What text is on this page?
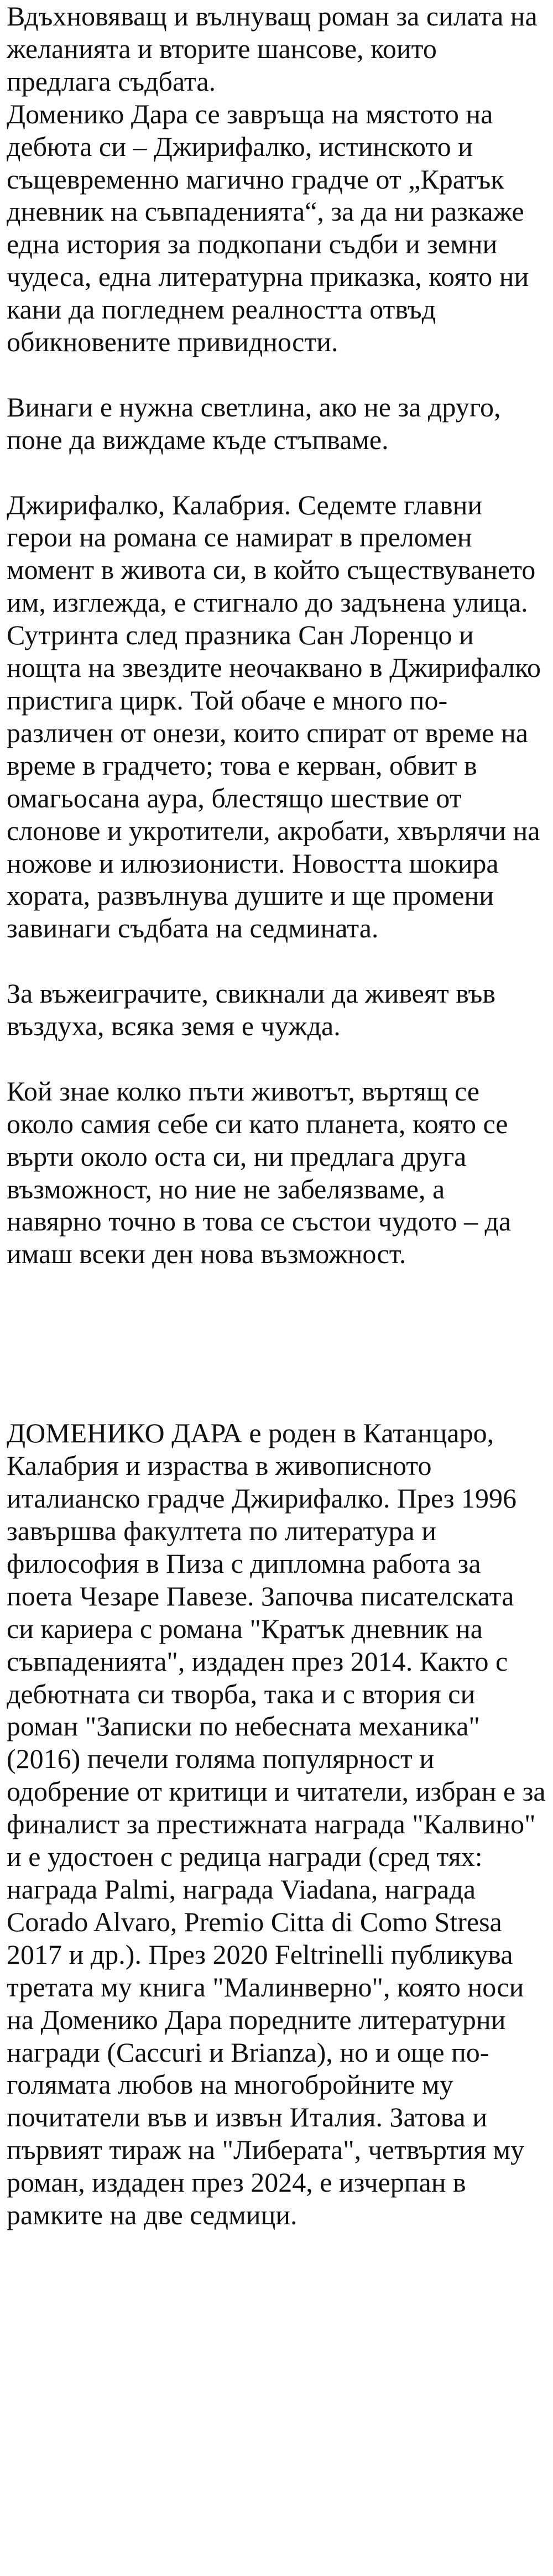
Вдъхновяващ и вълнуващ роман за силата на желанията и вторите шансове, които предлага съдбата.

Доменико Дара се завръща на мястото на дебюта си – Джирифалко, истинското и същевременно магично градче от „Кратък дневник на съвпаденията“, за да ни разкаже една история за подкопани съдби и земни чудеса, една литературна приказка, която ни кани да погледнем реалността отвъд обикновените привидности.

Винаги е нужна светлина, ако не за друго, поне да виждаме къде стъпваме.

Джирифалко, Калабрия. Седемте главни герои на романа се намират в преломен момент в живота си, в който съществуването им, изглежда, е стигнало до задънена улица. Сутринта след празника Сан Лоренцо и нощта на звездите неочаквано в Джирифалко пристига цирк. Той обаче е много по-различен от онези, които спират от време на време в градчето; това е керван, обвит в омагьосана аура, блестящо шествие от слонове и укротители, акробати, хвърлячи на ножове и илюзионисти. Новостта шокира хората, развълнува душите и ще промени завинаги съдбата на седмината.

За въжеиграчите, свикнали да живеят във въздуха, всяка земя е чужда.

Кой знае колко пъти животът, въртящ се около самия себе си като планета, която се върти около оста си, ни предлага друга възможност, но ние не забелязваме, а навярно точно в това се състои чудото – да имаш всеки ден нова възможност.

ДОМЕНИКО ДАРА е роден в Катанцаро, Калабрия и израства в живописното италианско градче Джирифалко. През 1996 завършва факултета по литература и философия в Пиза с дипломна работа за поета Чезаре Павезе. Започва писателската си кариера с романа "Кратък дневник на съвпаденията", издаден през 2014. Както с дебютната си творба, така и с втория си роман "Записки по небесната механика" (2016) печели голяма популярност и одобрение от критици и читатели, избран е за финалист за престижната награда "Калвино" и е удостоен с редица награди (сред тях: награда Palmi, награда Viadana, награда Corado Alvaro, Premio Citta di Como Stresa 2017 и др.). През 2020 Feltrinelli публикува третата му книга "Малинверно", която носи на Доменико Дара поредните литературни награди (Caccuri и Brianza), но и още по-голямата любов на многобройните му почитатели във и извън Италия. Затова и първият тираж на "Либерата", четвъртия му роман, издаден през 2024, е изчерпан в рамките на две седмици.
